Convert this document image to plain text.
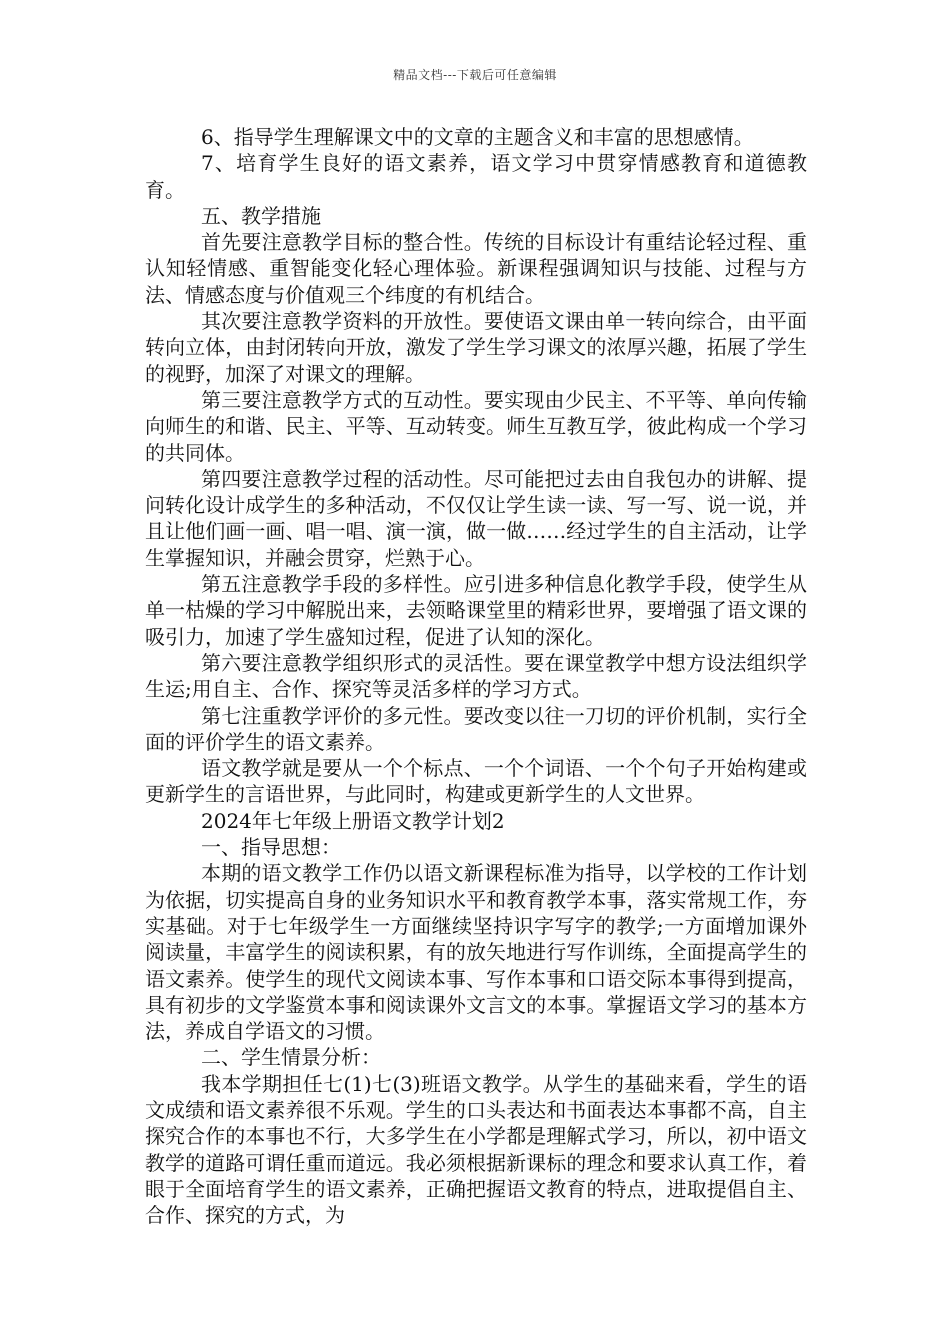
精品文档---下载后可任意编辑

6、指导学生理解课文中的文章的主题含义和丰富的思想感情。

7、培育学生良好的语文素养，语文学习中贯穿情感教育和道德教育。

五、教学措施

首先要注意教学目标的整合性。传统的目标设计有重结论轻过程、重认知轻情感、重智能变化轻心理体验。新课程强调知识与技能、过程与方法、情感态度与价值观三个纬度的有机结合。

其次要注意教学资料的开放性。要使语文课由单一转向综合，由平面转向立体，由封闭转向开放，激发了学生学习课文的浓厚兴趣，拓展了学生的视野，加深了对课文的理解。

第三要注意教学方式的互动性。要实现由少民主、不平等、单向传输向师生的和谐、民主、平等、互动转变。师生互教互学，彼此构成一个学习的共同体。

第四要注意教学过程的活动性。尽可能把过去由自我包办的讲解、提问转化设计成学生的多种活动，不仅仅让学生读一读、写一写、说一说，并且让他们画一画、唱一唱、演一演，做一做……经过学生的自主活动，让学生掌握知识，并融会贯穿，烂熟于心。

第五注意教学手段的多样性。应引进多种信息化教学手段，使学生从单一枯燥的学习中解脱出来，去领略课堂里的精彩世界，要增强了语文课的吸引力，加速了学生盛知过程，促进了认知的深化。

第六要注意教学组织形式的灵活性。要在课堂教学中想方设法组织学生运;用自主、合作、探究等灵活多样的学习方式。

第七注重教学评价的多元性。要改变以往一刀切的评价机制，实行全面的评价学生的语文素养。

语文教学就是要从一个个标点、一个个词语、一个个句子开始构建或更新学生的言语世界，与此同时，构建或更新学生的人文世界。

2024年七年级上册语文教学计划2

一、指导思想：

本期的语文教学工作仍以语文新课程标准为指导，以学校的工作计划为依据，切实提高自身的业务知识水平和教育教学本事，落实常规工作，夯实基础。对于七年级学生一方面继续坚持识字写字的教学;一方面增加课外阅读量，丰富学生的阅读积累，有的放矢地进行写作训练，全面提高学生的语文素养。使学生的现代文阅读本事、写作本事和口语交际本事得到提高，具有初步的文学鉴赏本事和阅读课外文言文的本事。掌握语文学习的基本方法，养成自学语文的习惯。

二、学生情景分析：

我本学期担任七(1)七(3)班语文教学。从学生的基础来看，学生的语文成绩和语文素养很不乐观。学生的口头表达和书面表达本事都不高，自主探究合作的本事也不行，大多学生在小学都是理解式学习，所以，初中语文教学的道路可谓任重而道远。我必须根据新课标的理念和要求认真工作，着眼于全面培育学生的语文素养，正确把握语文教育的特点，进取提倡自主、合作、探究的方式，为
